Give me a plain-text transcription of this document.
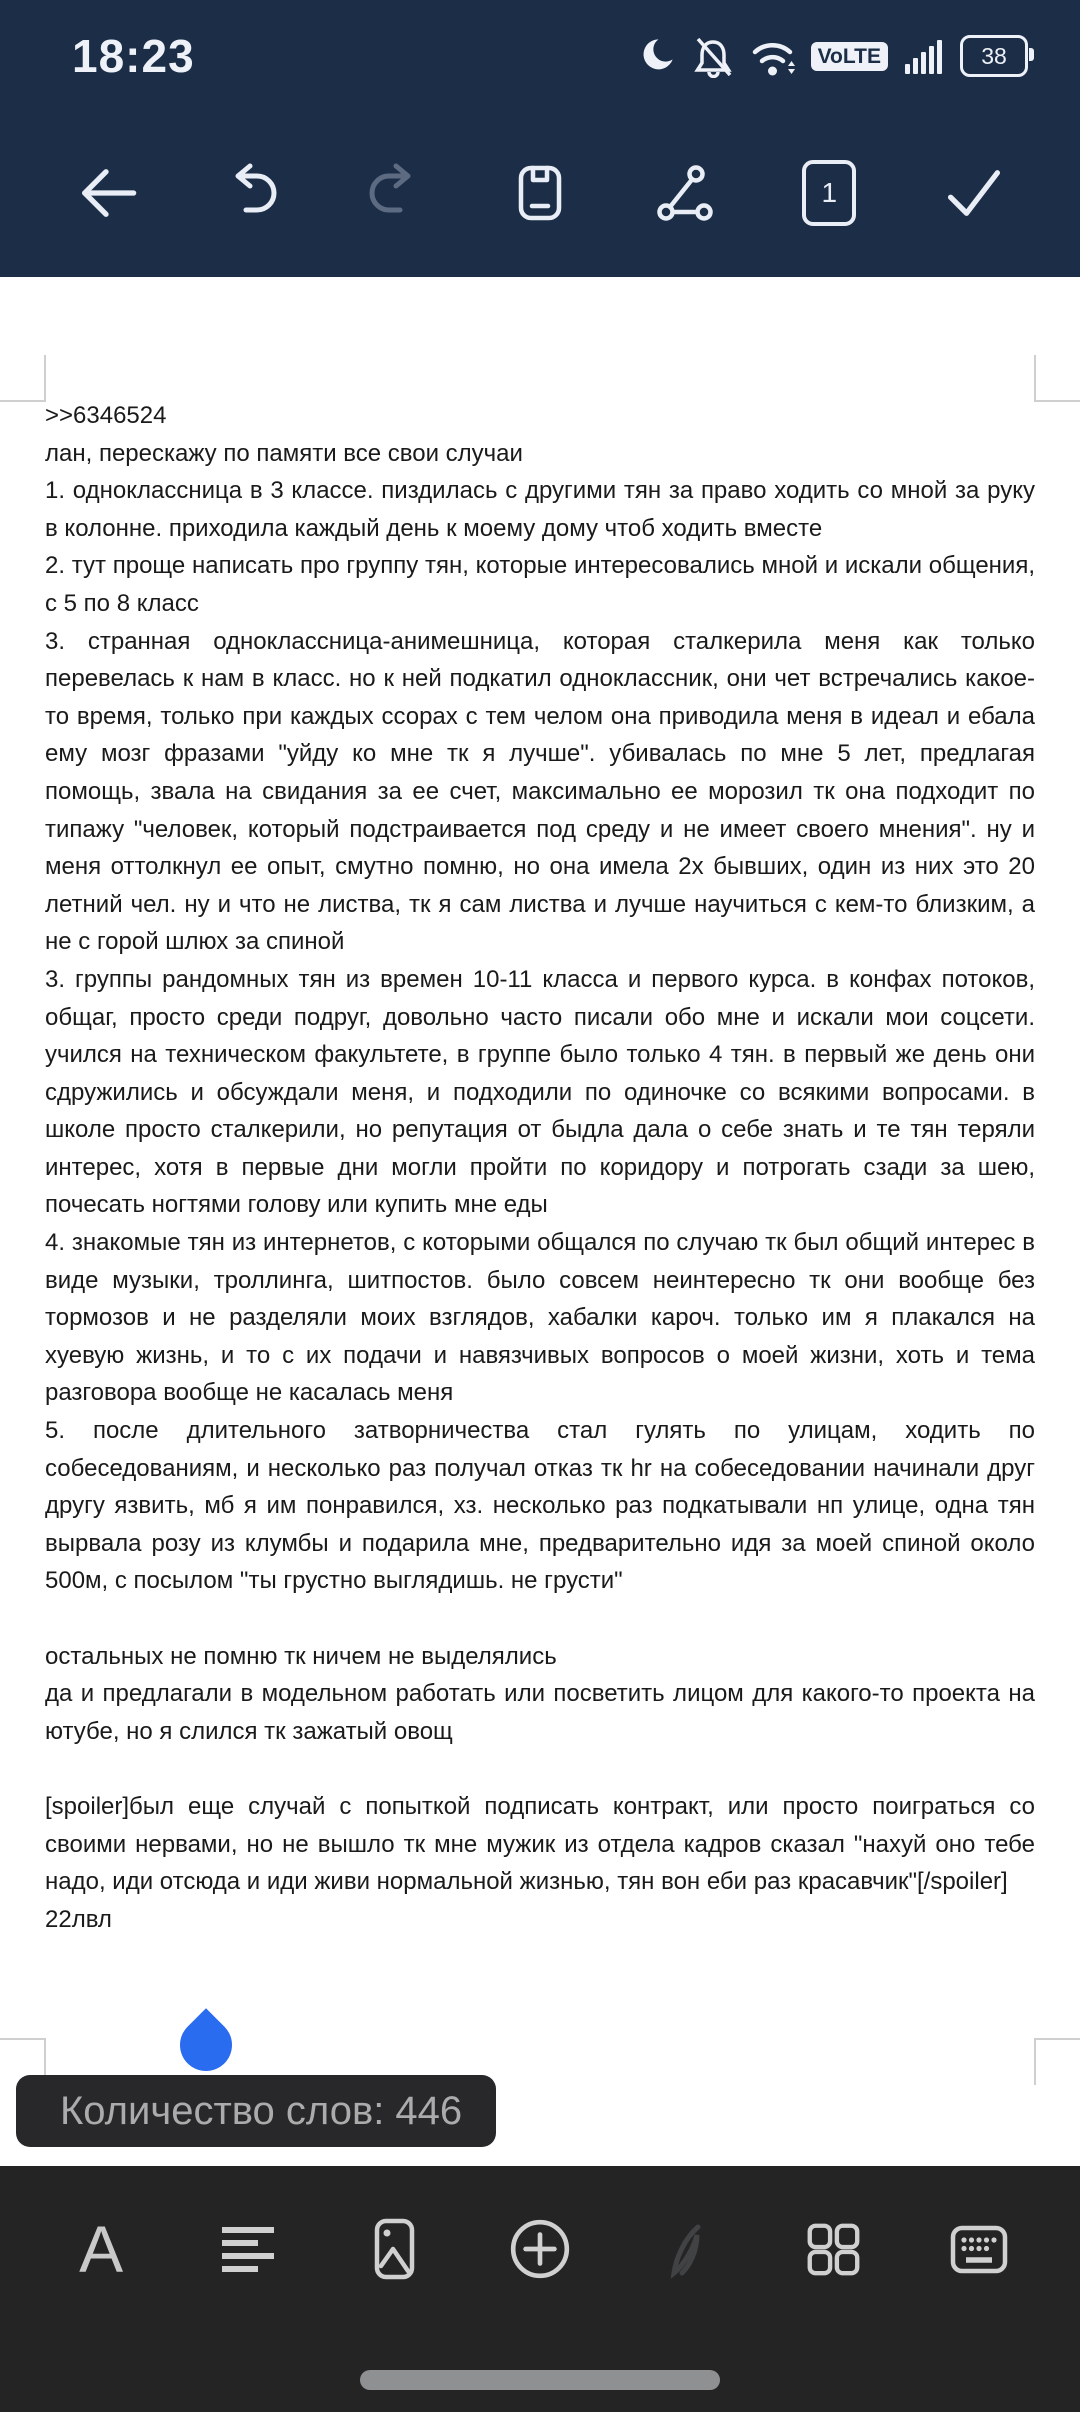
18:23	VoLTE	38
1

>>6346524

лан, перескажу по памяти все свои случаи

1. одноклассница в 3 классе. пиздилась с другими тян за право ходить со мной за руку в колонне. приходила каждый день к моему дому чтоб ходить вместе

2. тут проще написать про группу тян, которые интересовались мной и искали общения, с 5 по 8 класс

3. странная одноклассница-анимешница, которая сталкерила меня как только перевелась к нам в класс. но к ней подкатил одноклассник, они чет встречались какое-то время, только при каждых ссорах с тем челом она приводила меня в идеал и ебала ему мозг фразами "уйду ко мне тк я лучше". убивалась по мне 5 лет, предлагая помощь, звала на свидания за ее счет, максимально ее морозил тк она подходит по типажу "человек, который подстраивается под среду и не имеет своего мнения". ну и меня оттолкнул ее опыт, смутно помню, но она имела 2х бывших, один из них это 20 летний чел. ну и что не листва, тк я сам листва и лучше научиться с кем-то близким, а не с горой шлюх за спиной

3. группы рандомных тян из времен 10-11 класса и первого курса. в конфах потоков, общаг, просто среди подруг, довольно часто писали обо мне и искали мои соцсети. учился на техническом факультете, в группе было только 4 тян. в первый же день они сдружились и обсуждали меня, и подходили по одиночке со всякими вопросами. в школе просто сталкерили, но репутация от быдла дала о себе знать и те тян теряли интерес, хотя в первые дни могли пройти по коридору и потрогать сзади за шею, почесать ногтями голову или купить мне еды

4. знакомые тян из интернетов, с которыми общался по случаю тк был общий интерес в виде музыки, троллинга, шитпостов. было совсем неинтересно тк они вообще без тормозов и не разделяли моих взглядов, хабалки кароч. только им я плакался на хуевую жизнь, и то с их подачи и навязчивых вопросов о моей жизни, хоть и тема разговора вообще не касалась меня

5. после длительного затворничества стал гулять по улицам, ходить по собеседованиям, и несколько раз получал отказ тк hr на собеседовании начинали друг другу язвить, мб я им понравился, хз. несколько раз подкатывали нп улице, одна тян вырвала розу из клумбы и подарила мне, предварительно идя за моей спиной около 500м, с посылом "ты грустно выглядишь. не грусти"

остальных не помню тк ничем не выделялись

да и предлагали в модельном работать или посветить лицом для какого-то проекта на ютубе, но я слился тк зажатый овощ

[spoiler]был еще случай с попыткой подписать контракт, или просто поиграться со своими нервами, но не вышло тк мне мужик из отдела кадров сказал "нахуй оно тебе надо, иди отсюда и иди живи нормальной жизнью, тян вон еби раз красавчик"[/spoiler]

22лвл

Количество слов: 446
A
